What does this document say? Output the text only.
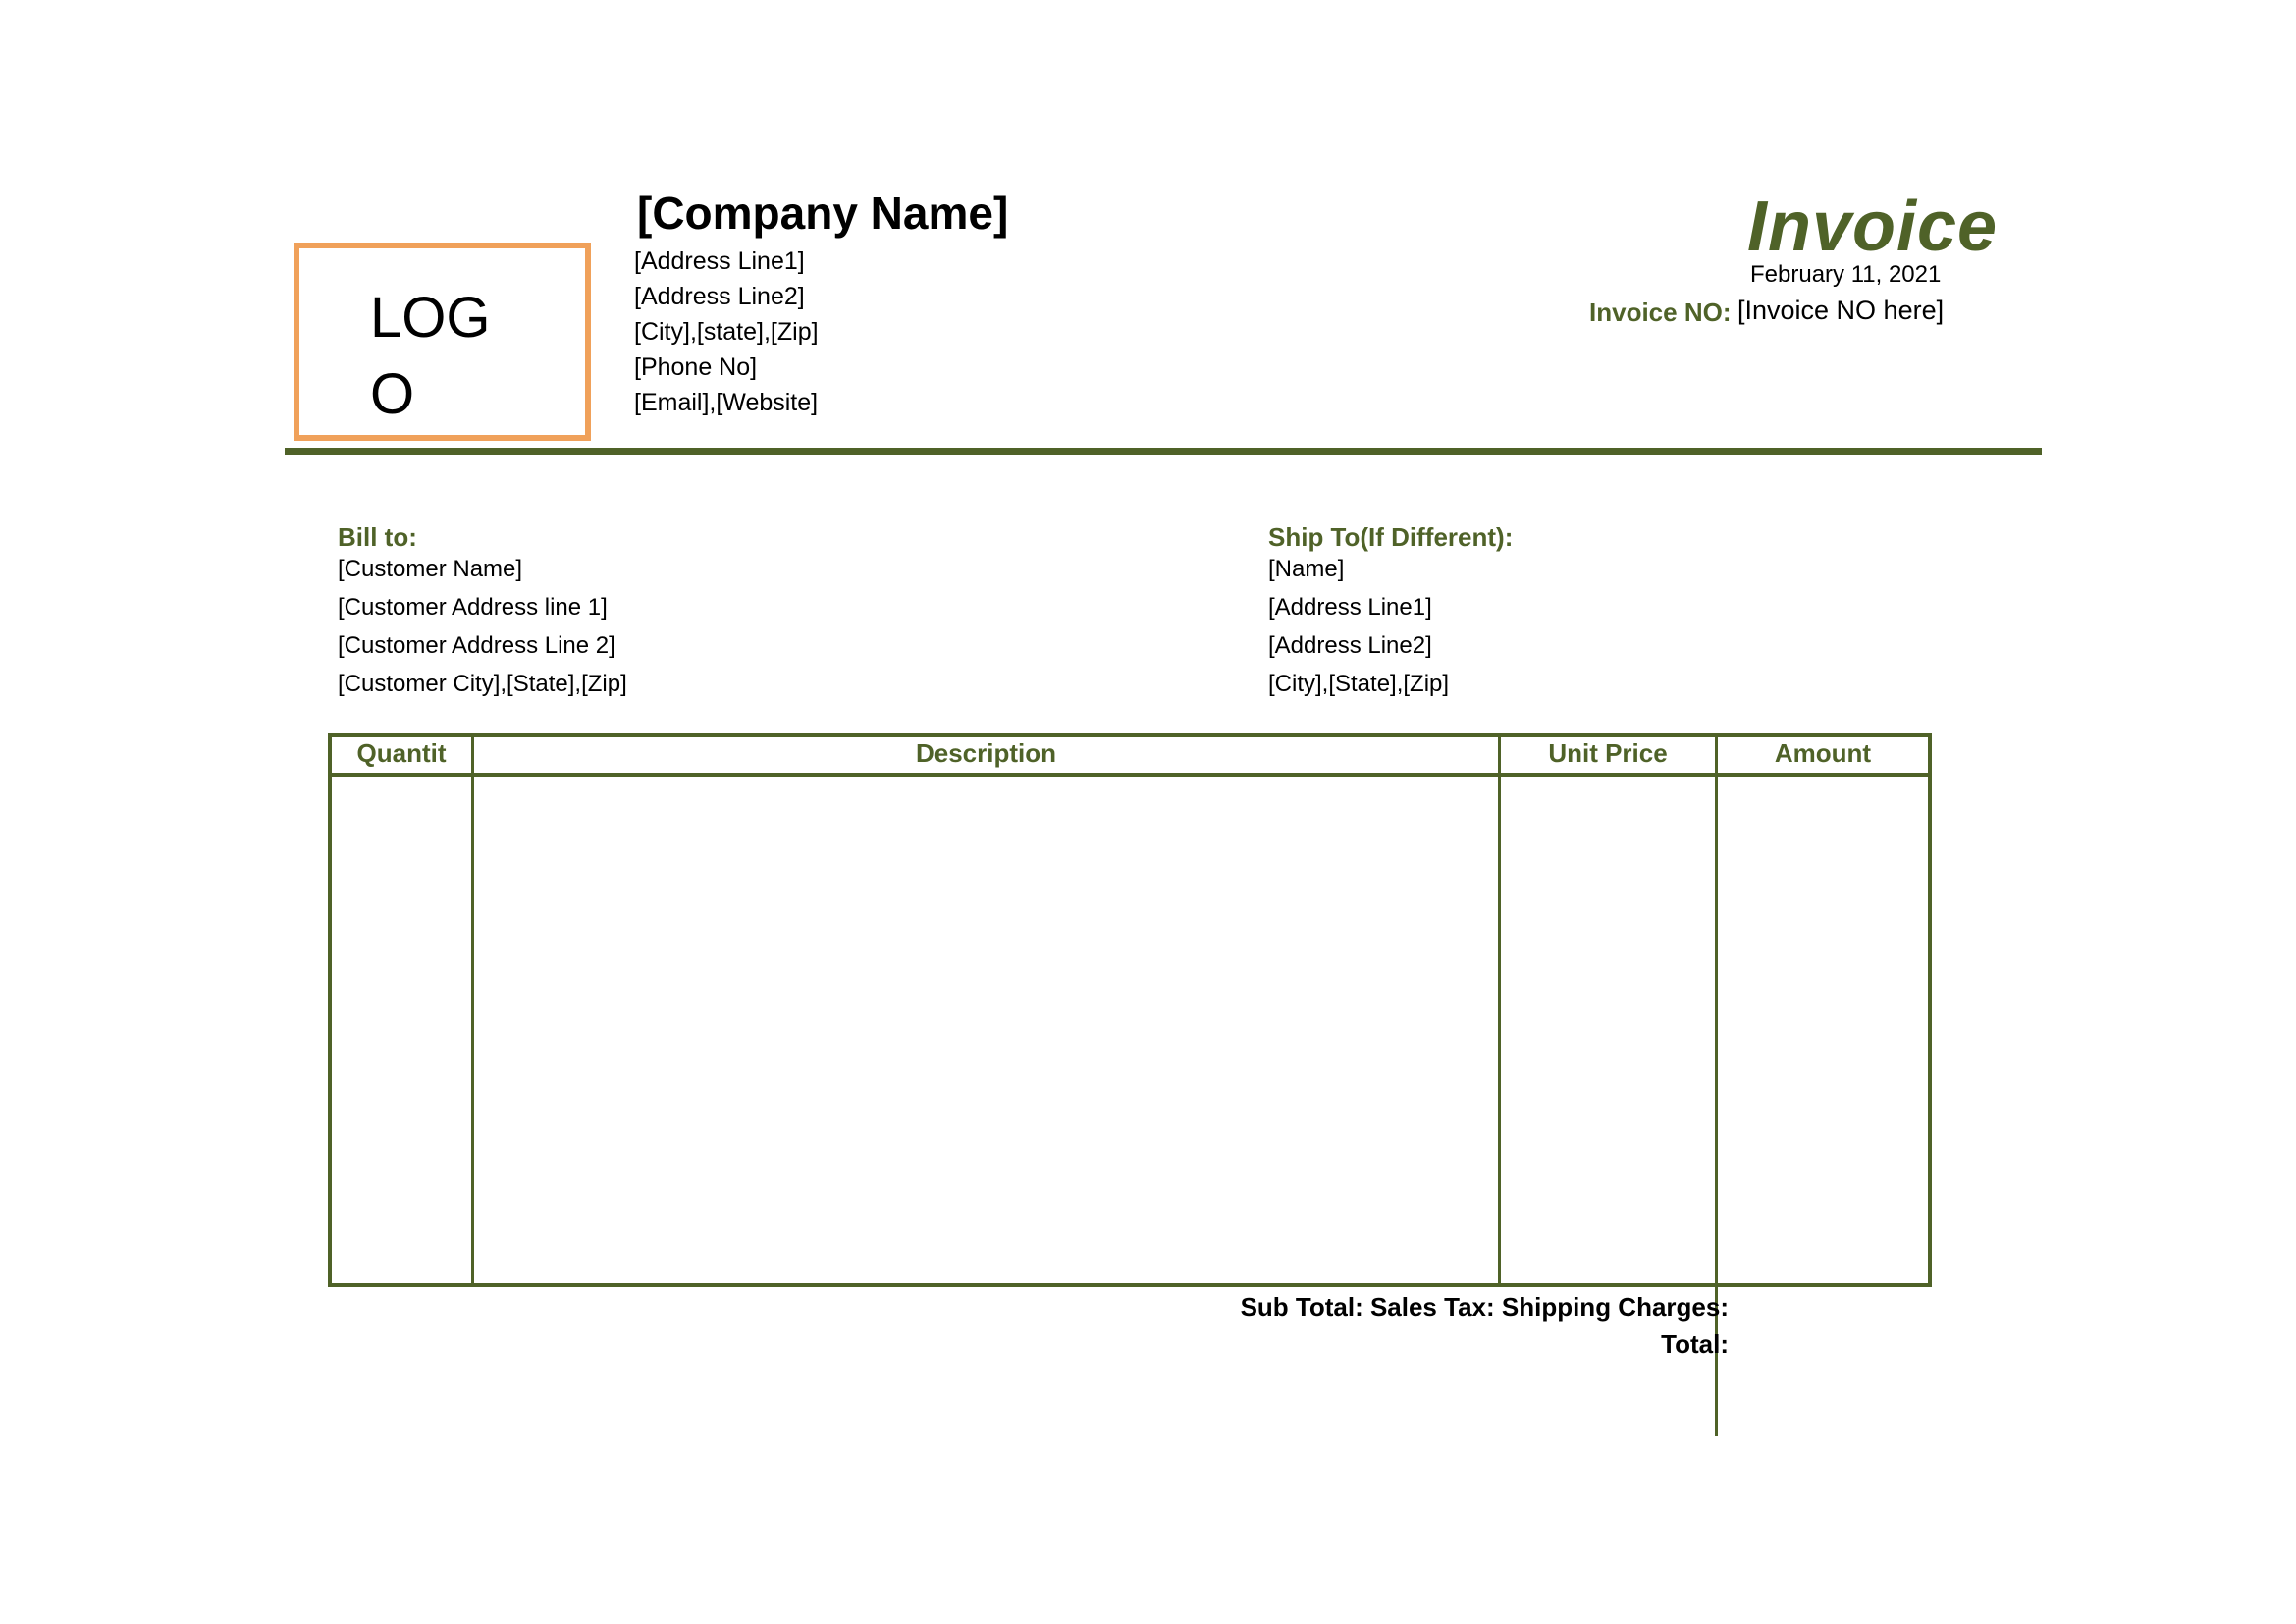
LOGO
[Company Name]
[Address Line1]
[Address Line2]
[City],[state],[Zip]
[Phone No]
[Email],[Website]
Invoice
February 11, 2021
Invoice NO: [Invoice NO here]
Bill to:
[Customer Name]
[Customer Address line 1]
[Customer Address Line 2]
[Customer City],[State],[Zip]
Ship To(If Different):
[Name]
[Address Line1]
[Address Line2]
[City],[State],[Zip]
Quantit	Description	Unit Price	Amount
Sub Total: Sales Tax: Shipping Charges:
Total:
